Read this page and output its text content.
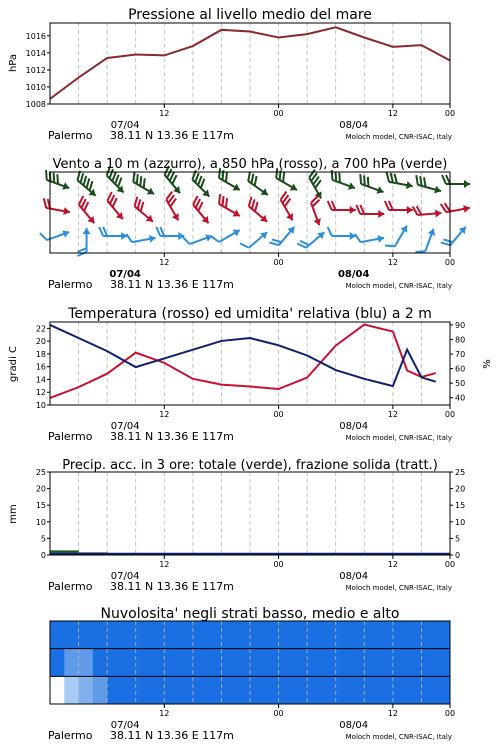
1008
1010
1012
1014
1016
Pressione al livello medio del mare
hPa
12	00	12	00
07/04	08/04
Palermo 38.11 N 13.36 E 117m	Moloch model, CNR-ISAC, Italy
Vento a 10 m (azzurro), a 850 hPa (rosso), a 700 hPa (verde)
12	00	12	00
07/04	08/04
Palermo 38.11 N 13.36 E 117m	Moloch model, CNR-ISAC, Italy
10
12
14
16
18
20
22
40
50
60
70
80
90
Temperatura (rosso) ed umidita' relativa (blu) a 2 m
gradi C	%
12	00	12	00
07/04	08/04
Palermo 38.11 N 13.36 E 117m	Moloch model, CNR-ISAC, Italy
0	0
5	5
10	10
15	15
20	20
25	25
Precip. acc. in 3 ore: totale (verde), frazione solida (tratt.)
mm
12	00	12	00
07/04	08/04
Palermo 38.11 N 13.36 E 117m	Moloch model, CNR-ISAC, Italy
Nuvolosita' negli strati basso, medio e alto
12	00	12	00
07/04	08/04
Palermo 38.11 N 13.36 E 117m	Moloch model, CNR-ISAC, Italy
